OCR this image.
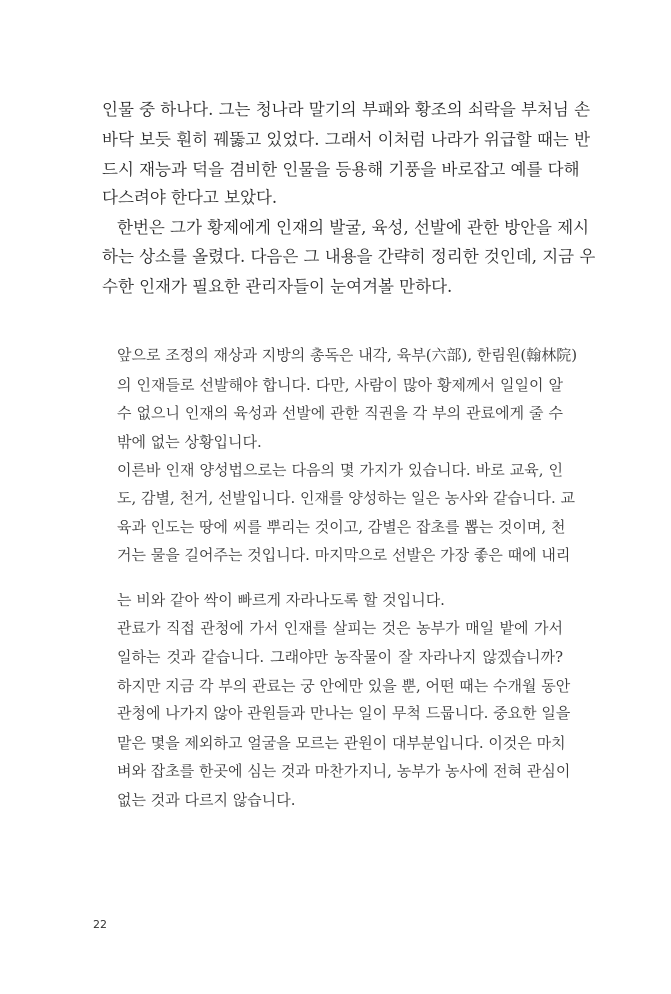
인물 중 하나다. 그는 청나라 말기의 부패와 황조의 쇠락을 부처님 손
바닥 보듯 훤히 꿰뚫고 있었다. 그래서 이처럼 나라가 위급할 때는 반
드시 재능과 덕을 겸비한 인물을 등용해 기풍을 바로잡고 예를 다해
다스려야 한다고 보았다.
한번은 그가 황제에게 인재의 발굴, 육성, 선발에 관한 방안을 제시
하는 상소를 올렸다. 다음은 그 내용을 간략히 정리한 것인데, 지금 우
수한 인재가 필요한 관리자들이 눈여겨볼 만하다.
앞으로 조정의 재상과 지방의 총독은 내각, 육부(六部), 한림원(翰林院)
의 인재들로 선발해야 합니다. 다만, 사람이 많아 황제께서 일일이 알
수 없으니 인재의 육성과 선발에 관한 직권을 각 부의 관료에게 줄 수
밖에 없는 상황입니다.
이른바 인재 양성법으로는 다음의 몇 가지가 있습니다. 바로 교육, 인
도, 감별, 천거, 선발입니다. 인재를 양성하는 일은 농사와 같습니다. 교
육과 인도는 땅에 씨를 뿌리는 것이고, 감별은 잡초를 뽑는 것이며, 천
거는 물을 길어주는 것입니다. 마지막으로 선발은 가장 좋은 때에 내리
는 비와 같아 싹이 빠르게 자라나도록 할 것입니다.
관료가 직접 관청에 가서 인재를 살피는 것은 농부가 매일 밭에 가서
일하는 것과 같습니다. 그래야만 농작물이 잘 자라나지 않겠습니까?
하지만 지금 각 부의 관료는 궁 안에만 있을 뿐, 어떤 때는 수개월 동안
관청에 나가지 않아 관원들과 만나는 일이 무척 드뭅니다. 중요한 일을
맡은 몇을 제외하고 얼굴을 모르는 관원이 대부분입니다. 이것은 마치
벼와 잡초를 한곳에 심는 것과 마찬가지니, 농부가 농사에 전혀 관심이
없는 것과 다르지 않습니다.
22
